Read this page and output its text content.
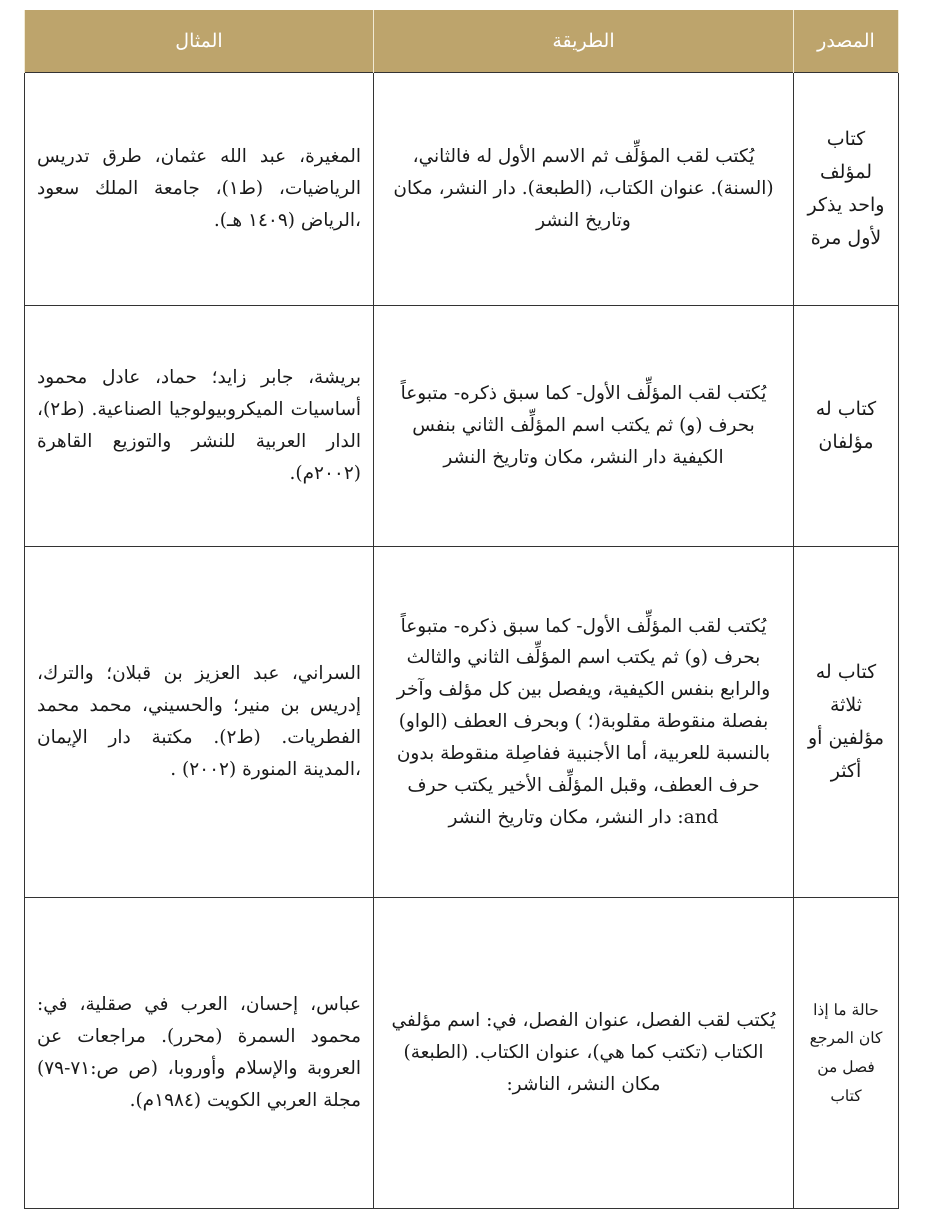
المصدر	الطريقة	المثال
كتاب لمؤلف واحد يذكر لأول مرة	يُكتب لقب المؤلِّف ثم الاسم الأول له فالثاني، (السنة). عنوان الكتاب، (الطبعة). دار النشر، مكان وتاريخ النشر	المغيرة، عبد الله عثمان، طرق تدريس الرياضيات، (ط١)، جامعة الملك سعود ،الرياض (١٤٠٩ هـ).
كتاب له مؤلفان	يُكتب لقب المؤلِّف الأول- كما سبق ذكره- متبوعاً بحرف (و) ثم يكتب اسم المؤلِّف الثاني بنفس الكيفية دار النشر، مكان وتاريخ النشر	بريشة، جابر زايد؛ حماد، عادل محمود أساسيات الميكروبيولوجيا الصناعية. (ط٢)، الدار العربية للنشر والتوزيع القاهرة (٢٠٠٢م).
كتاب له ثلاثة مؤلفين أو أكثر	يُكتب لقب المؤلِّف الأول- كما سبق ذكره- متبوعاً بحرف (و) ثم يكتب اسم المؤلِّف الثاني والثالث والرابع بنفس الكيفية، ويفصل بين كل مؤلف وآخر بفصلة منقوطة مقلوبة(؛ ) وبحرف العطف (الواو) بالنسبة للعربية، أما الأجنبية ففاصِلة منقوطة بدون حرف العطف، وقبل المؤلِّف الأخير يكتب حرف and: دار النشر، مكان وتاريخ النشر	السراني، عبد العزيز بن قبلان؛ والترك، إدريس بن منير؛ والحسيني، محمد محمد الفطريات. (ط٢). مكتبة دار الإيمان ،المدينة المنورة (٢٠٠٢) .
حالة ما إذا كان المرجع فصل من كتاب	يُكتب لقب الفصل، عنوان الفصل، في: اسم مؤلفي الكتاب (تكتب كما هي)، عنوان الكتاب. (الطبعة) مكان النشر، الناشر:	عباس، إحسان، العرب في صقلية، في: محمود السمرة (محرر). مراجعات عن العروبة والإسلام وأوروبا، (ص ص:٧١-٧٩) مجلة العربي الكويت (١٩٨٤م).
